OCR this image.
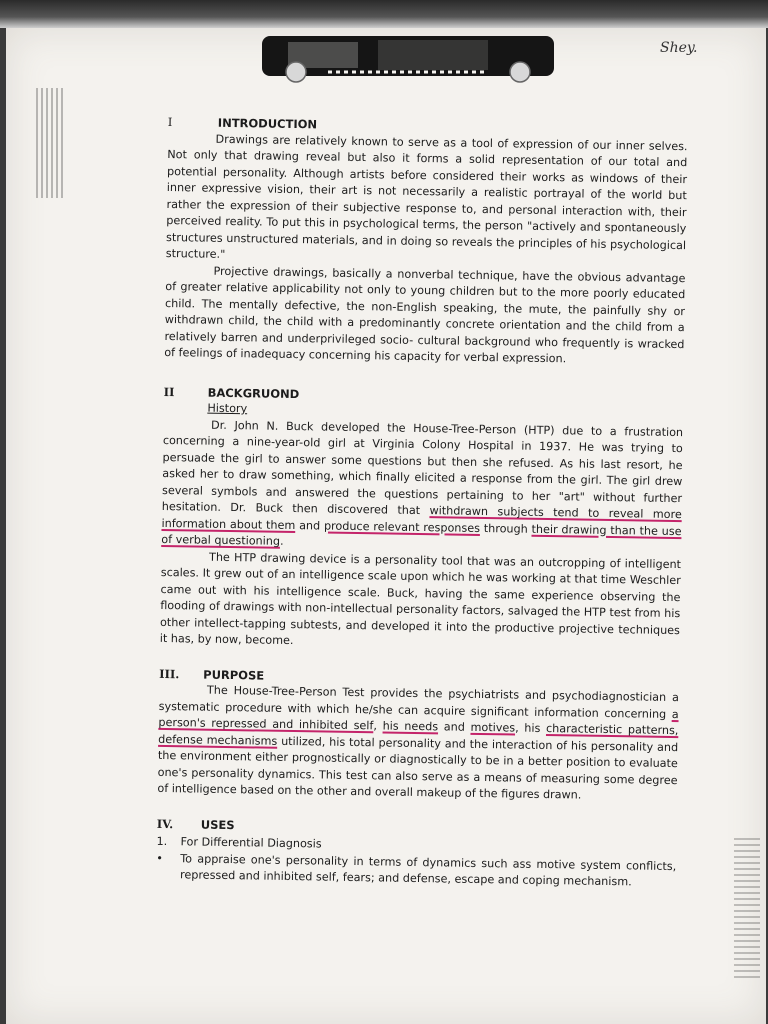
Shey.
I	INTRODUCTION

Drawings are relatively known to serve as a tool of expression of our inner selves. Not only that drawing reveal but also it forms a solid representation of our total and potential personality. Although artists before considered their works as windows of their inner expressive vision, their art is not necessarily a realistic portrayal of the world but rather the expression of their subjective response to, and personal interaction with, their perceived reality. To put this in psychological terms, the person "actively and spontaneously structures unstructured materials, and in doing so reveals the principles of his psychological structure."

Projective drawings, basically a nonverbal technique, have the obvious advantage of greater relative applicability not only to young children but to the more poorly educated child. The mentally defective, the non-English speaking, the mute, the painfully shy or withdrawn child, the child with a predominantly concrete orientation and the child from a relatively barren and underprivileged socio- cultural background who frequently is wracked of feelings of inadequacy concerning his capacity for verbal expression.

II	BACKGRUOND
History

Dr. John N. Buck developed the House-Tree-Person (HTP) due to a frustration concerning a nine-year-old girl at Virginia Colony Hospital in 1937. He was trying to persuade the girl to answer some questions but then she refused. As his last resort, he asked her to draw something, which finally elicited a response from the girl. The girl drew several symbols and answered the questions pertaining to her "art" without further hesitation. Dr. Buck then discovered that withdrawn subjects tend to reveal more information about them and produce relevant responses through their drawing than the use of verbal questioning.

The HTP drawing device is a personality tool that was an outcropping of intelligent scales. It grew out of an intelligence scale upon which he was working at that time Weschler came out with his intelligence scale. Buck, having the same experience observing the flooding of drawings with non-intellectual personality factors, salvaged the HTP test from his other intellect-tapping subtests, and developed it into the productive projective techniques it has, by now, become.

III.	PURPOSE

The House-Tree-Person Test provides the psychiatrists and psychodiagnostician a systematic procedure with which he/she can acquire significant information concerning a person's repressed and inhibited self, his needs and motives, his characteristic patterns, defense mechanisms utilized, his total personality and the interaction of his personality and the environment either prognostically or diagnostically to be in a better position to evaluate one's personality dynamics. This test can also serve as a means of measuring some degree of intelligence based on the other and overall makeup of the figures drawn.

IV.	USES
1.	For Differential Diagnosis
•	To appraise one's personality in terms of dynamics such ass motive system conflicts, repressed and inhibited self, fears; and defense, escape and coping mechanism.
